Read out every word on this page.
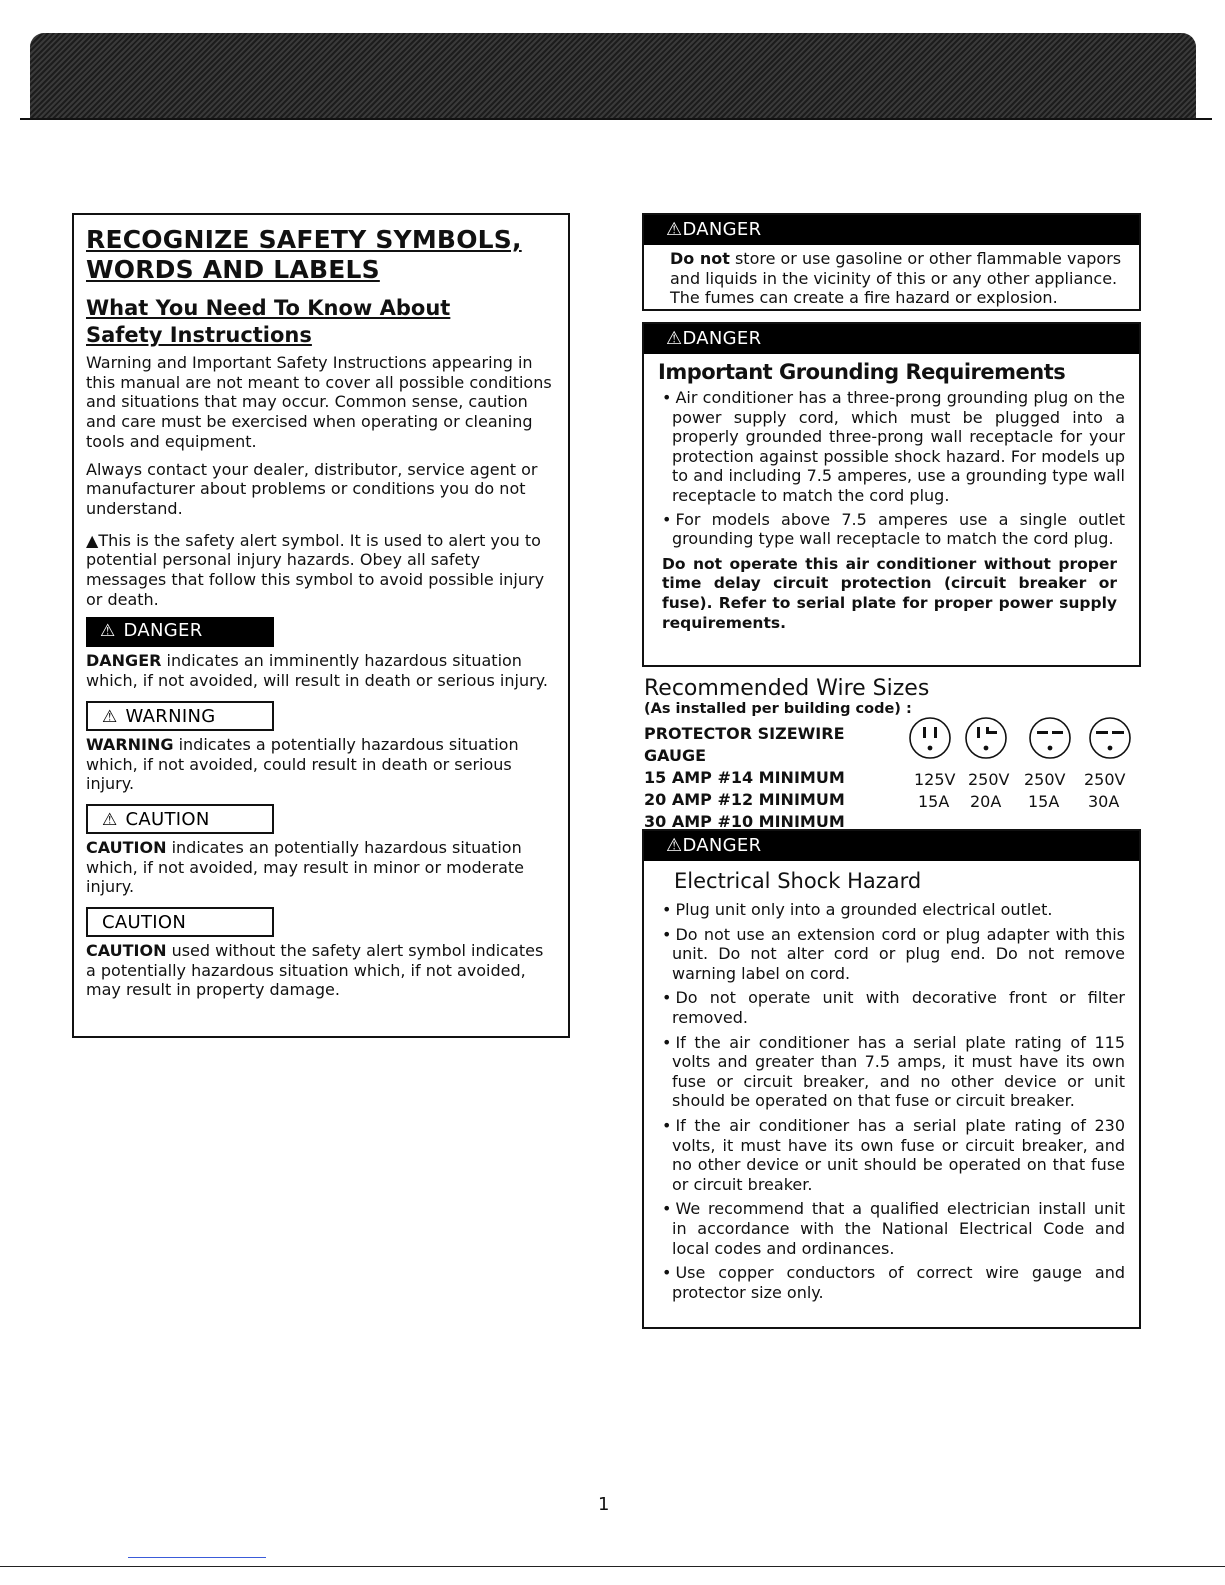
RECOGNIZE SAFETY SYMBOLS,
WORDS AND LABELS
What You Need To Know About
Safety Instructions

Warning and Important Safety Instructions appearing in this manual are not meant to cover all possible conditions and situations that may occur. Common sense, caution and care must be exercised when operating or cleaning tools and equipment.

Always contact your dealer, distributor, service agent or manufacturer about problems or conditions you do not understand.

▲This is the safety alert symbol. It is used to alert you to potential personal injury hazards. Obey all safety messages that follow this symbol to avoid possible injury or death.

⚠ DANGER

DANGER indicates an imminently hazardous situation which, if not avoided, will result in death or serious injury.

⚠ WARNING

WARNING indicates a potentially hazardous situation which, if not avoided, could result in death or serious injury.

⚠ CAUTION

CAUTION indicates an potentially hazardous situation which, if not avoided, may result in minor or moderate injury.

CAUTION

CAUTION used without the safety alert symbol indicates a potentially hazardous situation which, if not avoided, may result in property damage.

⚠DANGER

Do not store or use gasoline or other flammable vapors and liquids in the vicinity of this or any other appliance. The fumes can create a fire hazard or explosion.

⚠DANGER
Important Grounding Requirements
• Air conditioner has a three-prong grounding plug on the power supply cord, which must be plugged into a properly grounded three-prong wall receptacle for your protection against possible shock hazard. For models up to and including 7.5 amperes, use a grounding type wall receptacle to match the cord plug.
• For models above 7.5 amperes use a single outlet grounding type wall receptacle to match the cord plug.

Do not operate this air conditioner without proper time delay circuit protection (circuit breaker or fuse). Refer to serial plate for proper power supply requirements.

Recommended Wire Sizes
(As installed per building code) :
PROTECTOR SIZEWIRE GAUGE
15 AMP #14 MINIMUM
20 AMP #12 MINIMUM
30 AMP #10 MINIMUM
125V 250V 250V 250V
15A 20A 15A 30A
⚠DANGER
Electrical Shock Hazard
• Plug unit only into a grounded electrical outlet.
• Do not use an extension cord or plug adapter with this unit. Do not alter cord or plug end. Do not remove warning label on cord.
• Do not operate unit with decorative front or filter removed.
• If the air conditioner has a serial plate rating of 115 volts and greater than 7.5 amps, it must have its own fuse or circuit breaker, and no other device or unit should be operated on that fuse or circuit breaker.
• If the air conditioner has a serial plate rating of 230 volts, it must have its own fuse or circuit breaker, and no other device or unit should be operated on that fuse or circuit breaker.
• We recommend that a qualified electrician install unit in accordance with the National Electrical Code and local codes and ordinances.
• Use copper conductors of correct wire gauge and protector size only.
1
